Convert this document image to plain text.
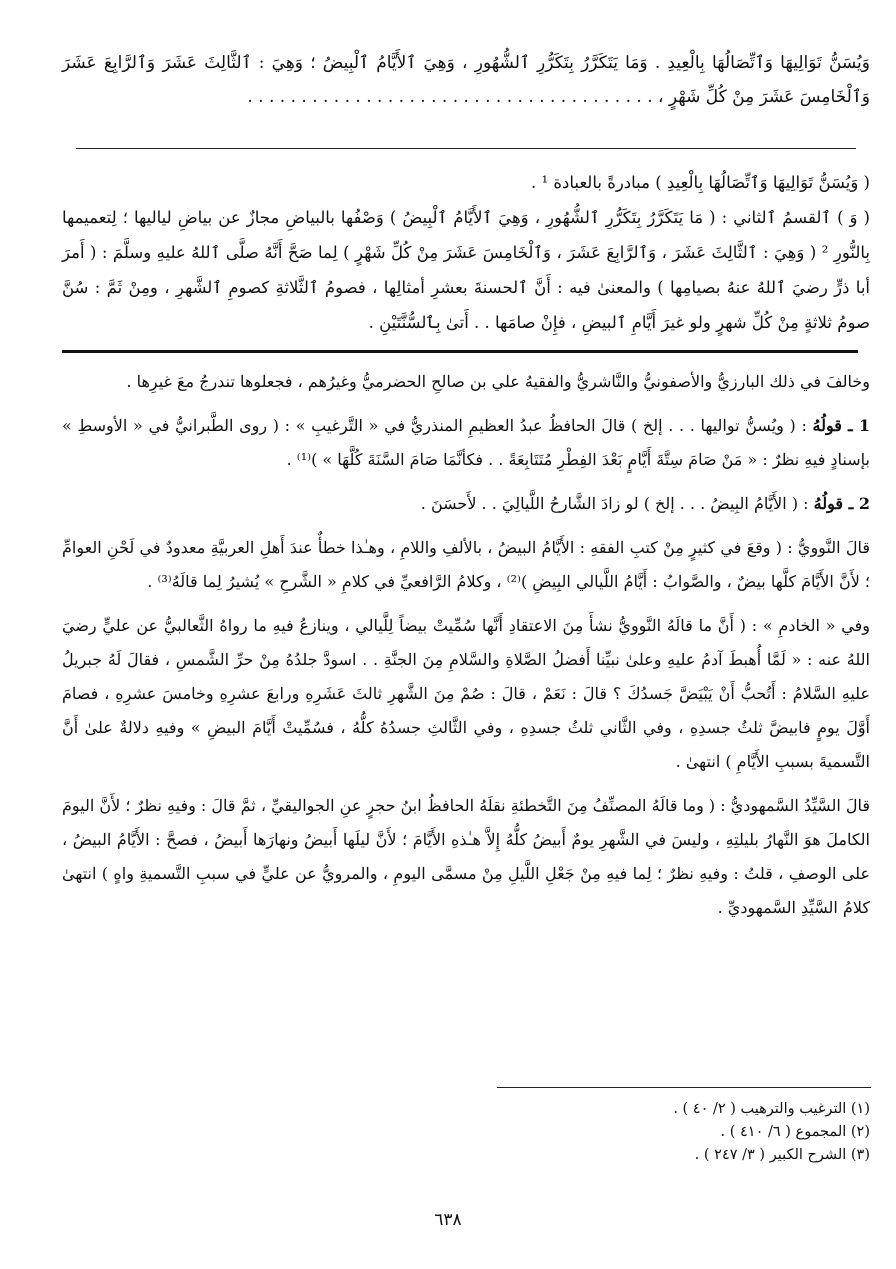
وَيُسَنُّ تَوَالِيهَا وَٱتِّصَالُهَا بِالْعِيدِ . وَمَا يَتَكَرَّرُ بِتَكَرُّرِ ٱلشُّهُورِ ، وَهِيَ ٱلأَيَّامُ ٱلْبِيضُ ؛ وَهِيَ : ٱلثَّالِثَ عَشَرَ وَٱلرَّابِعَ عَشَرَ وَٱلْخَامِسَ عَشَرَ مِنْ كُلِّ شَهْرٍ ، . . . . . . . . . . . . . . . . . . . . . . . . . . . . . . . . . . . . . .

( وَيُسَنُّ تَوَالِيهَا وَٱتِّصَالُهَا بِالْعِيدِ ) مبادرةً بالعبادة ¹ .

( وَ ) ٱلقسمُ ٱلثاني : ( مَا يَتَكَرَّرُ بِتَكَرُّرِ ٱلشُّهُورِ ، وَهِيَ ٱلأَيَّامُ ٱلْبِيضُ ) وَصْفُها بالبياضِ مجازٌ عن بياضِ لياليها ؛ لِتعميمها بِالنُّورِ ² ( وَهِيَ : ٱلثَّالِثَ عَشَرَ ، وَٱلرَّابِعَ عَشَرَ ، وَٱلْخَامِسَ عَشَرَ مِنْ كُلِّ شَهْرٍ ) لِما صَحَّ أَنَّهُ صلَّى ٱللهُ عليهِ وسلَّمَ : ( أَمرَ أبا ذرٍّ رضيَ ٱللهُ عنهُ بصيامِها ) والمعنىٰ فيه : أَنَّ ٱلحسنةَ بعشرِ أمثالِها ، فصومُ ٱلثَّلاثةِ كصومِ ٱلشَّهرِ ، ومِنْ ثَمَّ : سُنَّ صومُ ثلاثةٍ مِنْ كُلِّ شهرٍ ولو غيرَ أَيَّامِ ٱلبيضِ ، فإِنْ صامَها . . أَتىٰ بِٱلسُّنَّتَيْنِ .

وخالفَ في ذلك البارزيُّ والأصفونيُّ والنَّاشريُّ والفقيهُ علي بن صالحِ الحضرميُّ وغيرُهم ، فجعلوها تندرجُ معَ غيرِها .

1 ـ قولُهُ : ( ويُسنُّ تواليها . . . إلخ ) قالَ الحافظُ عبدُ العظيمِ المنذريُّ في « التَّرغيبِ » : ( روى الطَّبرانيُّ في « الأوسطِ » بإسنادٍ فيهِ نظرٌ : « مَنْ صَامَ سِتَّةَ أَيَّامٍ بَعْدَ الفِطْرِ مُتَتَابِعَةً . . فكأنَّمَا صَامَ السَّنَةَ كُلَّهَا » )⁽¹⁾ .

2 ـ قولُهُ : ( الأَيَّامُ البِيضُ . . . إلخ ) لو زادَ الشَّارحُ اللَّيالِيَ . . لأَحسَنَ .

قالَ النَّوويُّ : ( وقعَ في كثيرٍ مِنْ كتبِ الفقهِ : الأَيَّامُ البيضُ ، بالألفِ واللامِ ، وهـٰذا خطأٌ عندَ أَهلِ العربيَّةِ معدودٌ في لَحْنِ العوامِّ ؛ لأَنَّ الأَيَّامَ كلَّها بيضٌ ، والصَّوابُ : أَيَّامُ اللَّيالي البِيضِ )⁽²⁾ ، وكلامُ الرَّافعيِّ في كلامِ « الشَّرحِ » يُشيرُ لِما قالَهُ⁽³⁾ .

وفي « الخادمِ » : ( أَنَّ ما قالَهُ النَّوويُّ نشأَ مِنَ الاعتقادِ أَنَّها سُمِّيتْ بيضاً لِلَّيالي ، وينازعُ فيهِ ما رواهُ الثَّعالبيُّ عن عليٍّ رضيَ اللهُ عنه : « لَمَّا أُهبطَ آدمُ عليهِ وعلىٰ نبيِّنا أَفضلُ الصَّلاةِ والسَّلامِ مِنَ الجنَّةِ . . اسودَّ جلدُهُ مِنْ حرِّ الشَّمسِ ، فقالَ لَهُ جبريلُ عليهِ السَّلامُ : أَتُحبُّ أَنْ يَبْيَضَّ جَسدُكَ ؟ قالَ : نَعَمْ ، قالَ : صُمْ مِنَ الشَّهرِ ثالثَ عَشَرِهِ ورابعَ عشرِهِ وخامسَ عشرِهِ ، فصامَ أَوَّلَ يومٍ فابيضَّ ثلثُ جسدِهِ ، وفي الثَّاني ثلثُ جسدِهِ ، وفي الثَّالثِ جسدُهُ كلُّهُ ، فسُمِّيتْ أَيَّامَ البيضِ » وفيهِ دلالةٌ علىٰ أَنَّ التَّسميةَ بسببِ الأَيَّامِ ) انتهىٰ .

قالَ السَّيِّدُ السَّمهوديُّ : ( وما قالَهُ المصنِّفُ مِنَ التَّخطئةِ نقلَهُ الحافظُ ابنُ حجرٍ عنِ الجواليقيِّ ، ثمَّ قالَ : وفيهِ نظرٌ ؛ لأَنَّ اليومَ الكاملَ هوَ النَّهارُ بليلتِهِ ، وليسَ في الشَّهرِ يومٌ أَبيضُ كلُّهُ إِلاَّ هـٰذهِ الأَيَّامَ ؛ لأَنَّ ليلَها أَبيضُ ونهارَها أَبيضُ ، فصحَّ : الأَيَّامُ البيضُ ، على الوصفِ ، قلتُ : وفيهِ نظرٌ ؛ لِما فيهِ مِنْ جَعْلِ اللَّيلِ مِنْ مسمَّى اليومِ ، والمرويُّ عن عليٍّ في سببِ التَّسميةِ واهٍ ) انتهىٰ كلامُ السَّيِّدِ السَّمهوديِّ .

(١) الترغيب والترهيب ( ٢/ ٤٠ ) .
(٢) المجموع ( ٦/ ٤١٠ ) .
(٣) الشرح الكبير ( ٣/ ٢٤٧ ) .
٦٣٨
